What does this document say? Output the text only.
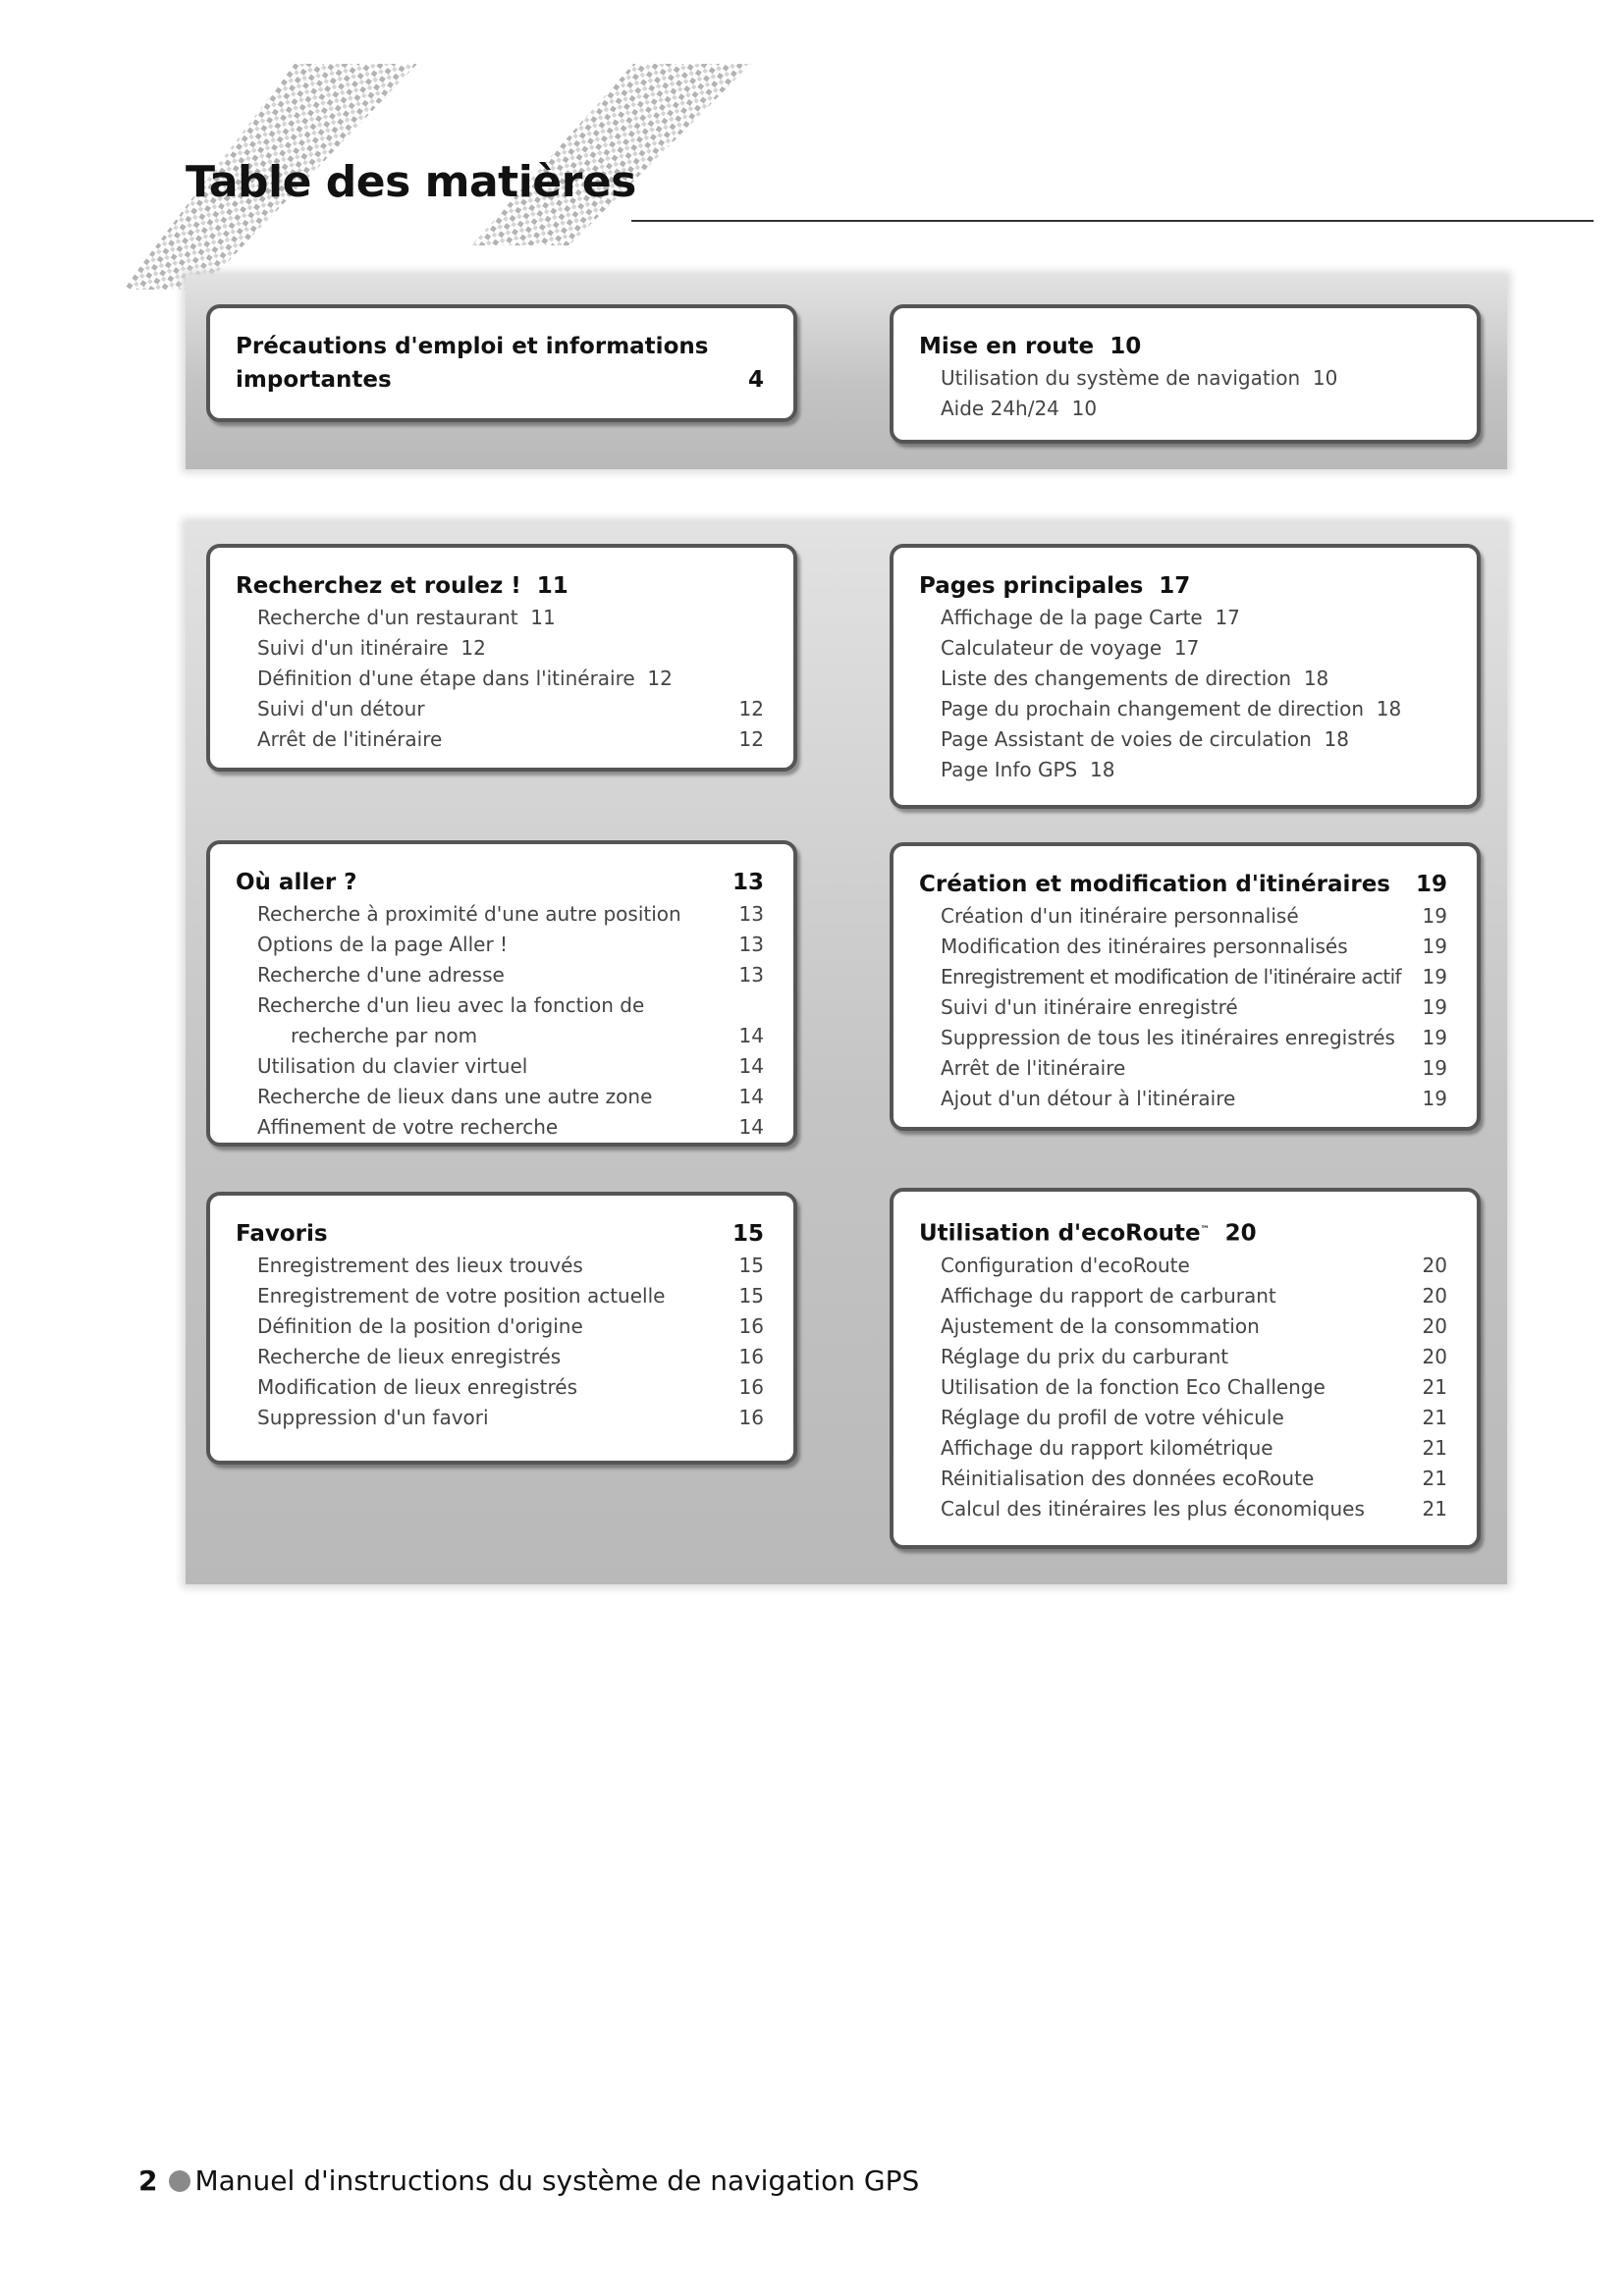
Table des matières
Précautions d'emploi et informations
importantes	4
Mise en route 10
Utilisation du système de navigation 10
Aide 24h/24 10
Recherchez et roulez ! 11
Recherche d'un restaurant 11
Suivi d'un itinéraire 12
Définition d'une étape dans l'itinéraire 12
Suivi d'un détour	12
Arrêt de l'itinéraire	12
Pages principales 17
Affichage de la page Carte 17
Calculateur de voyage 17
Liste des changements de direction 18
Page du prochain changement de direction 18
Page Assistant de voies de circulation 18
Page Info GPS 18
Où aller ?	13
Recherche à proximité d'une autre position	13
Options de la page Aller !	13
Recherche d'une adresse	13
Recherche d'un lieu avec la fonction de
recherche par nom	14
Utilisation du clavier virtuel	14
Recherche de lieux dans une autre zone	14
Affinement de votre recherche	14
Création et modification d'itinéraires	19
Création d'un itinéraire personnalisé	19
Modification des itinéraires personnalisés	19
Enregistrement et modification de l'itinéraire actif	19
Suivi d'un itinéraire enregistré	19
Suppression de tous les itinéraires enregistrés	19
Arrêt de l'itinéraire	19
Ajout d'un détour à l'itinéraire	19
Favoris	15
Enregistrement des lieux trouvés	15
Enregistrement de votre position actuelle	15
Définition de la position d'origine	16
Recherche de lieux enregistrés	16
Modification de lieux enregistrés	16
Suppression d'un favori	16
Utilisation d'ecoRoute™ 20
Configuration d'ecoRoute	20
Affichage du rapport de carburant	20
Ajustement de la consommation	20
Réglage du prix du carburant	20
Utilisation de la fonction Eco Challenge	21
Réglage du profil de votre véhicule	21
Affichage du rapport kilométrique	21
Réinitialisation des données ecoRoute	21
Calcul des itinéraires les plus économiques	21
2 Manuel d'instructions du système de navigation GPS
